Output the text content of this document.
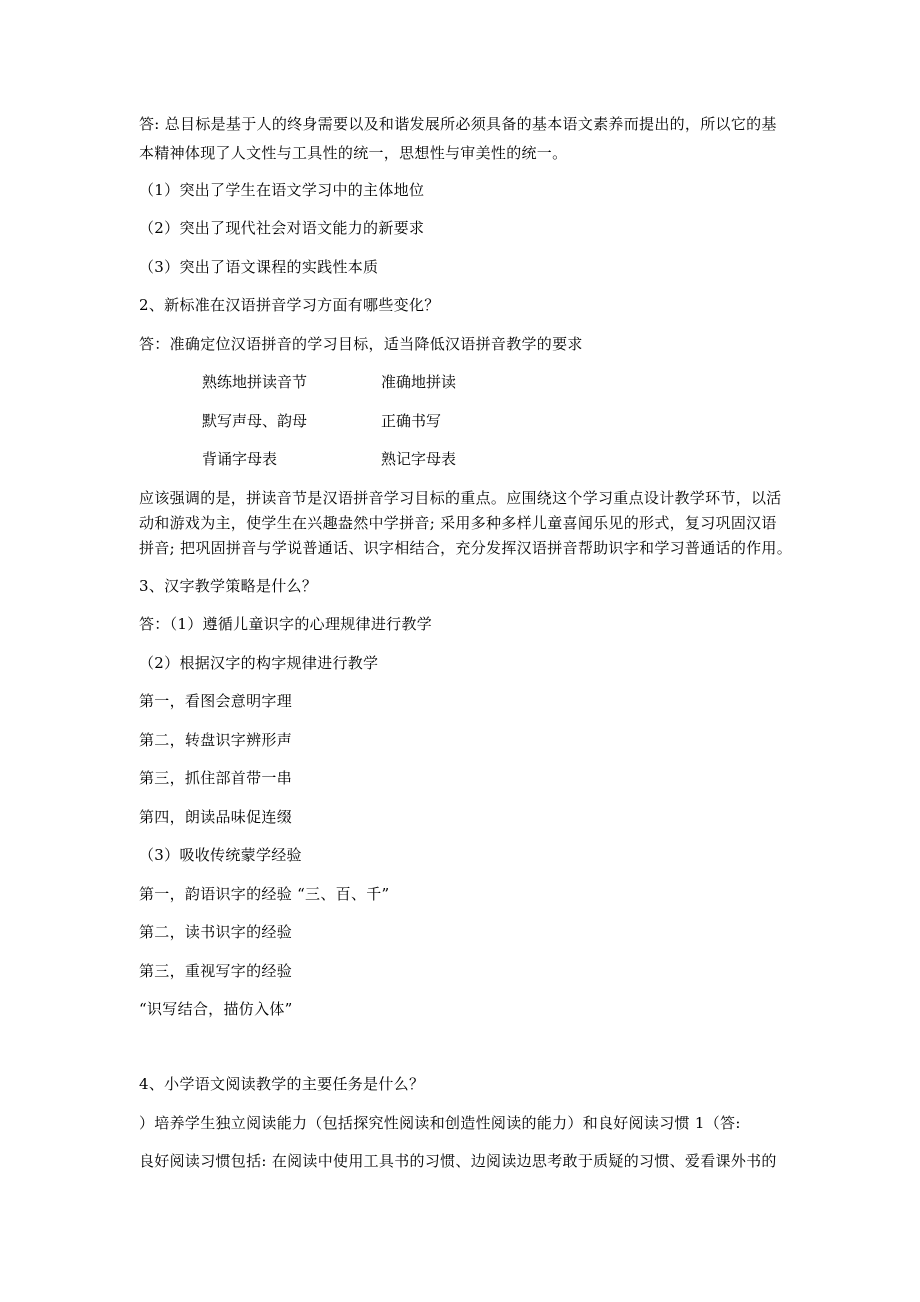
答: 总目标是基于人的终身需要以及和谐发展所必须具备的基本语文素养而提出的，所以它的基
本精神体现了人文性与工具性的统一，思想性与审美性的统一。
（1）突出了学生在语文学习中的主体地位
（2）突出了现代社会对语文能力的新要求
（3）突出了语文课程的实践性本质
2、新标准在汉语拼音学习方面有哪些变化？
答：准确定位汉语拼音的学习目标，适当降低汉语拼音教学的要求
熟练地拼读音节	准确地拼读
默写声母、韵母	正确书写
背诵字母表	熟记字母表
应该强调的是，拼读音节是汉语拼音学习目标的重点。应围绕这个学习重点设计教学环节，以活
动和游戏为主，使学生在兴趣盎然中学拼音; 采用多种多样儿童喜闻乐见的形式，复习巩固汉语
拼音; 把巩固拼音与学说普通话、识字相结合，充分发挥汉语拼音帮助识字和学习普通话的作用。
3、汉字教学策略是什么？
答：（1）遵循儿童识字的心理规律进行教学
（2）根据汉字的构字规律进行教学
第一，看图会意明字理
第二，转盘识字辨形声
第三，抓住部首带一串
第四，朗读品味促连缀
（3）吸收传统蒙学经验
第一，韵语识字的经验 “三、百、千”
第二，读书识字的经验
第三，重视写字的经验
“识写结合，描仿入体”
4、小学语文阅读教学的主要任务是什么？
）培养学生独立阅读能力（包括探究性阅读和创造性阅读的能力）和良好阅读习惯 1（答:
良好阅读习惯包括: 在阅读中使用工具书的习惯、边阅读边思考敢于质疑的习惯、爱看课外书的
